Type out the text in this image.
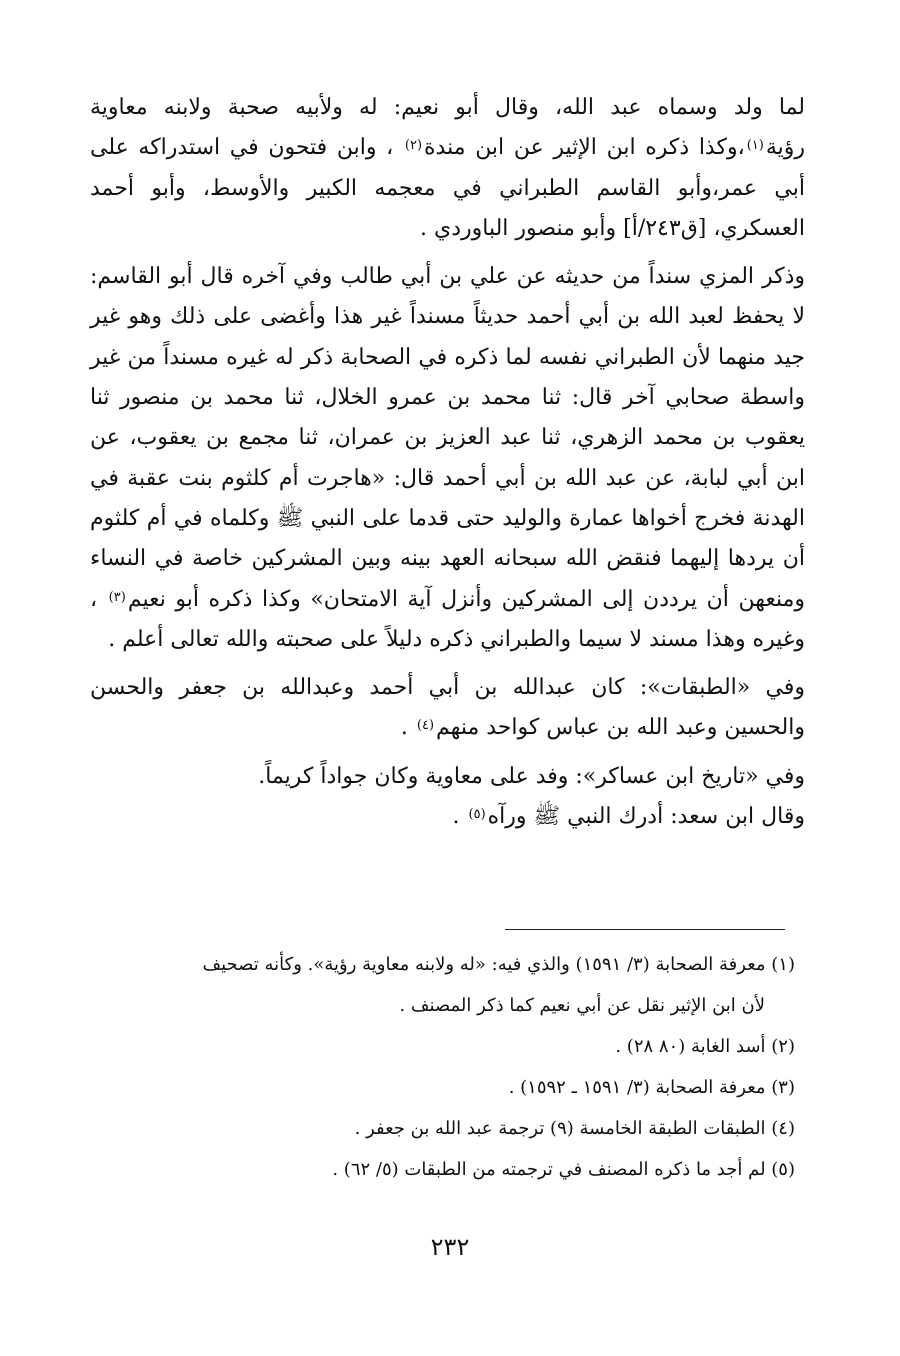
لما ولد وسماه عبد الله، وقال أبو نعيم: له ولأبيه صحبة ولابنه معاوية رؤية$^{(١)}$،وكذا ذكره ابن الإثير عن ابن مندة$^{(٢)}$ ، وابن فتحون في استدراكه على أبي عمر،وأبو القاسم الطبراني في معجمه الكبير والأوسط، وأبو أحمد العسكري، [ق٢٤٣/أ] وأبو منصور الباوردي .

وذكر المزي سنداً من حديثه عن علي بن أبي طالب وفي آخره قال أبو القاسم: لا يحفظ لعبد الله بن أبي أحمد حديثاً مسنداً غير هذا وأغضى على ذلك وهو غير جيد منهما لأن الطبراني نفسه لما ذكره في الصحابة ذكر له غيره مسنداً من غير واسطة صحابي آخر قال: ثنا محمد بن عمرو الخلال، ثنا محمد بن منصور ثنا يعقوب بن محمد الزهري، ثنا عبد العزيز بن عمران، ثنا مجمع بن يعقوب، عن ابن أبي لبابة، عن عبد الله بن أبي أحمد قال: «هاجرت أم كلثوم بنت عقبة في الهدنة فخرج أخواها عمارة والوليد حتى قدما على النبي ﷺ وكلماه في أم كلثوم أن يردها إليهما فنقض الله سبحانه العهد بينه وبين المشركين خاصة في النساء ومنعهن أن يرددن إلى المشركين وأنزل آية الامتحان» وكذا ذكره أبو نعيم$^{(٣)}$ ، وغيره وهذا مسند لا سيما والطبراني ذكره دليلاً على صحبته والله تعالى أعلم .

وفي «الطبقات»: كان عبدالله بن أبي أحمد وعبدالله بن جعفر والحسن والحسين وعبد الله بن عباس كواحد منهم$^{(٤)}$ .

وفي «تاريخ ابن عساكر»: وفد على معاوية وكان جواداً كريماً.

وقال ابن سعد: أدرك النبي ﷺ ورآه$^{(٥)}$ .

(١) معرفة الصحابة (٣/ ١٥٩١) والذي فيه: «له ولابنه معاوية رؤية». وكأنه تصحيف

لأن ابن الإثير نقل عن أبي نعيم كما ذكر المصنف .

(٢) أسد الغابة (٨٠ ٢٨) .

(٣) معرفة الصحابة (٣/ ١٥٩١ ـ ١٥٩٢) .

(٤) الطبقات الطبقة الخامسة (٩) ترجمة عبد الله بن جعفر .

(٥) لم أجد ما ذكره المصنف في ترجمته من الطبقات (٥/ ٦٢) .

٢٣٢
